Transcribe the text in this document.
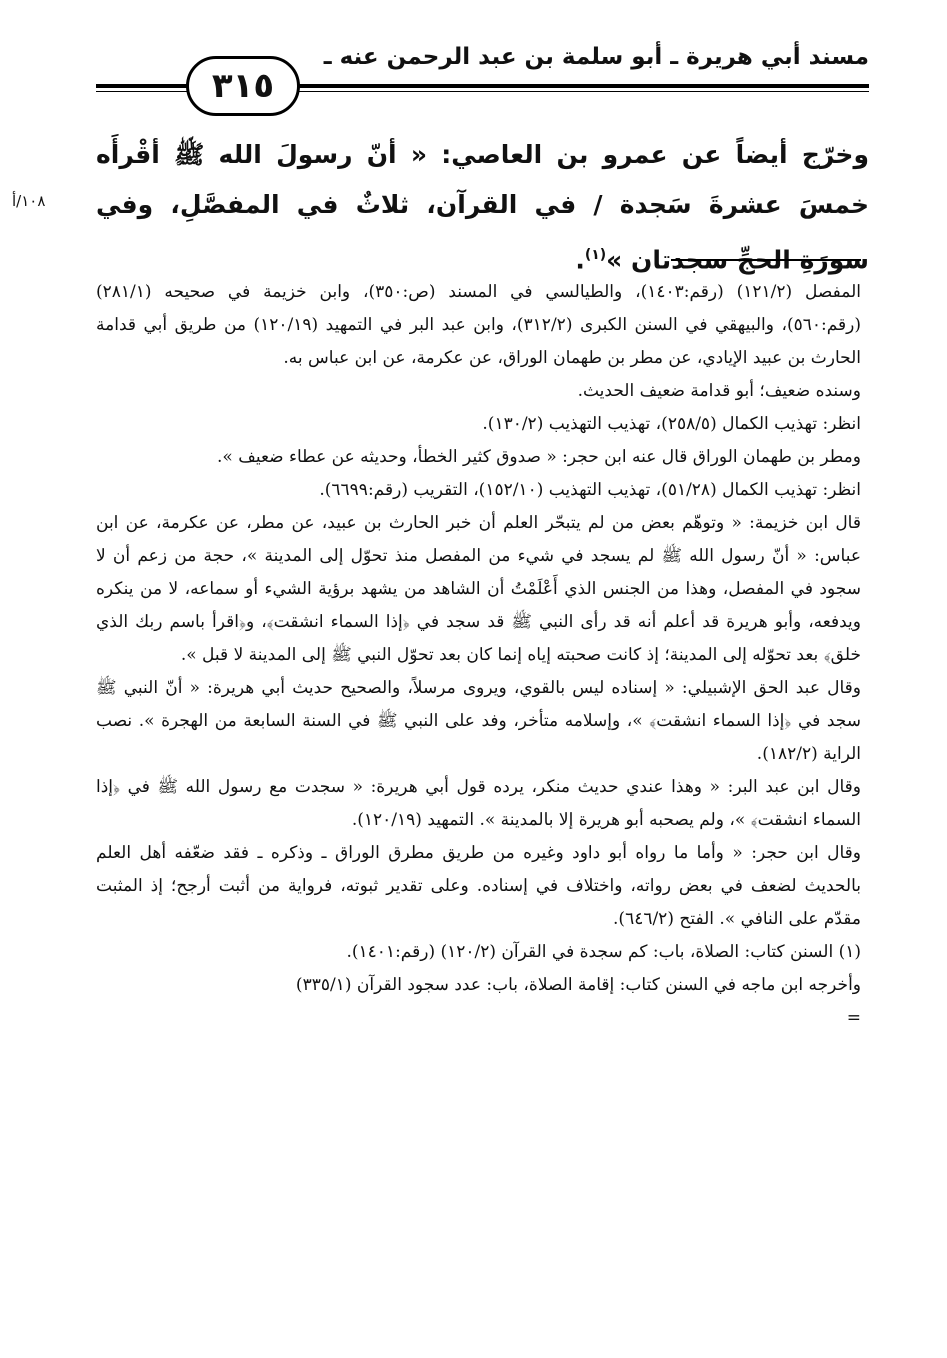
مسند أبي هريرة ـ أبو سلمة بن عبد الرحمن عنه ـ
٣١٥
وخرّج أيضاً عن عمرو بن العاصي: « أنّ رسولَ الله ﷺ أقْرأَه خمسَ عشرةَ سَجدة / في القرآن، ثلاثٌ في المفصَّلِ، وفي سورَةِ الحجِّ سجدتان »$^{(١)}$.
١٠٨/أ

المفصل (١٢١/٢) (رقم:١٤٠٣)، والطيالسي في المسند (ص:٣٥٠)، وابن خزيمة في صحيحه (٢٨١/١) (رقم:٥٦٠)، والبيهقي في السنن الكبرى (٣١٢/٢)، وابن عبد البر في التمهيد (١٢٠/١٩) من طريق أبي قدامة الحارث بن عبيد الإيادي، عن مطر بن طهمان الوراق، عن عكرمة، عن ابن عباس به.

وسنده ضعيف؛ أبو قدامة ضعيف الحديث.

انظر: تهذيب الكمال (٢٥٨/٥)، تهذيب التهذيب (١٣٠/٢).

ومطر بن طهمان الوراق قال عنه ابن حجر: « صدوق كثير الخطأ، وحديثه عن عطاء ضعيف ».

انظر: تهذيب الكمال (٥١/٢٨)، تهذيب التهذيب (١٥٢/١٠)، التقريب (رقم:٦٦٩٩).

قال ابن خزيمة: « وتوهّم بعض من لم يتبحّر العلم أن خبر الحارث بن عبيد، عن مطر، عن عكرمة، عن ابن عباس: « أنّ رسول الله ﷺ لم يسجد في شيء من المفصل منذ تحوّل إلى المدينة »، حجة من زعم أن لا سجود في المفصل، وهذا من الجنس الذي أَعْلَمْتُ أن الشاهد من يشهد برؤية الشيء أو سماعه، لا من ينكره ويدفعه، وأبو هريرة قد أعلم أنه قد رأى النبي ﷺ قد سجد في ﴿إذا السماء انشقت﴾، و﴿اقرأ باسم ربك الذي خلق﴾ بعد تحوّله إلى المدينة؛ إذ كانت صحبته إياه إنما كان بعد تحوّل النبي ﷺ إلى المدينة لا قبل ».

وقال عبد الحق الإشبيلي: « إسناده ليس بالقوي، ويروى مرسلاً، والصحيح حديث أبي هريرة: « أنّ النبي ﷺ سجد في ﴿إذا السماء انشقت﴾ »، وإسلامه متأخر، وفد على النبي ﷺ في السنة السابعة من الهجرة ». نصب الراية (١٨٢/٢).

وقال ابن عبد البر: « وهذا عندي حديث منكر، يرده قول أبي هريرة: « سجدت مع رسول الله ﷺ في ﴿إذا السماء انشقت﴾ »، ولم يصحبه أبو هريرة إلا بالمدينة ». التمهيد (١٢٠/١٩).

وقال ابن حجر: « وأما ما رواه أبو داود وغيره من طريق مطرق الوراق ـ وذكره ـ فقد ضعّفه أهل العلم بالحديث لضعف في بعض رواته، واختلاف في إسناده. وعلى تقدير ثبوته، فرواية من أثبت أرجح؛ إذ المثبت مقدّم على النافي ». الفتح (٦٤٦/٢).

(١) السنن كتاب: الصلاة، باب: كم سجدة في القرآن (١٢٠/٢) (رقم:١٤٠١).

وأخرجه ابن ماجه في السنن كتاب: إقامة الصلاة، باب: عدد سجود القرآن (٣٣٥/١)

=
